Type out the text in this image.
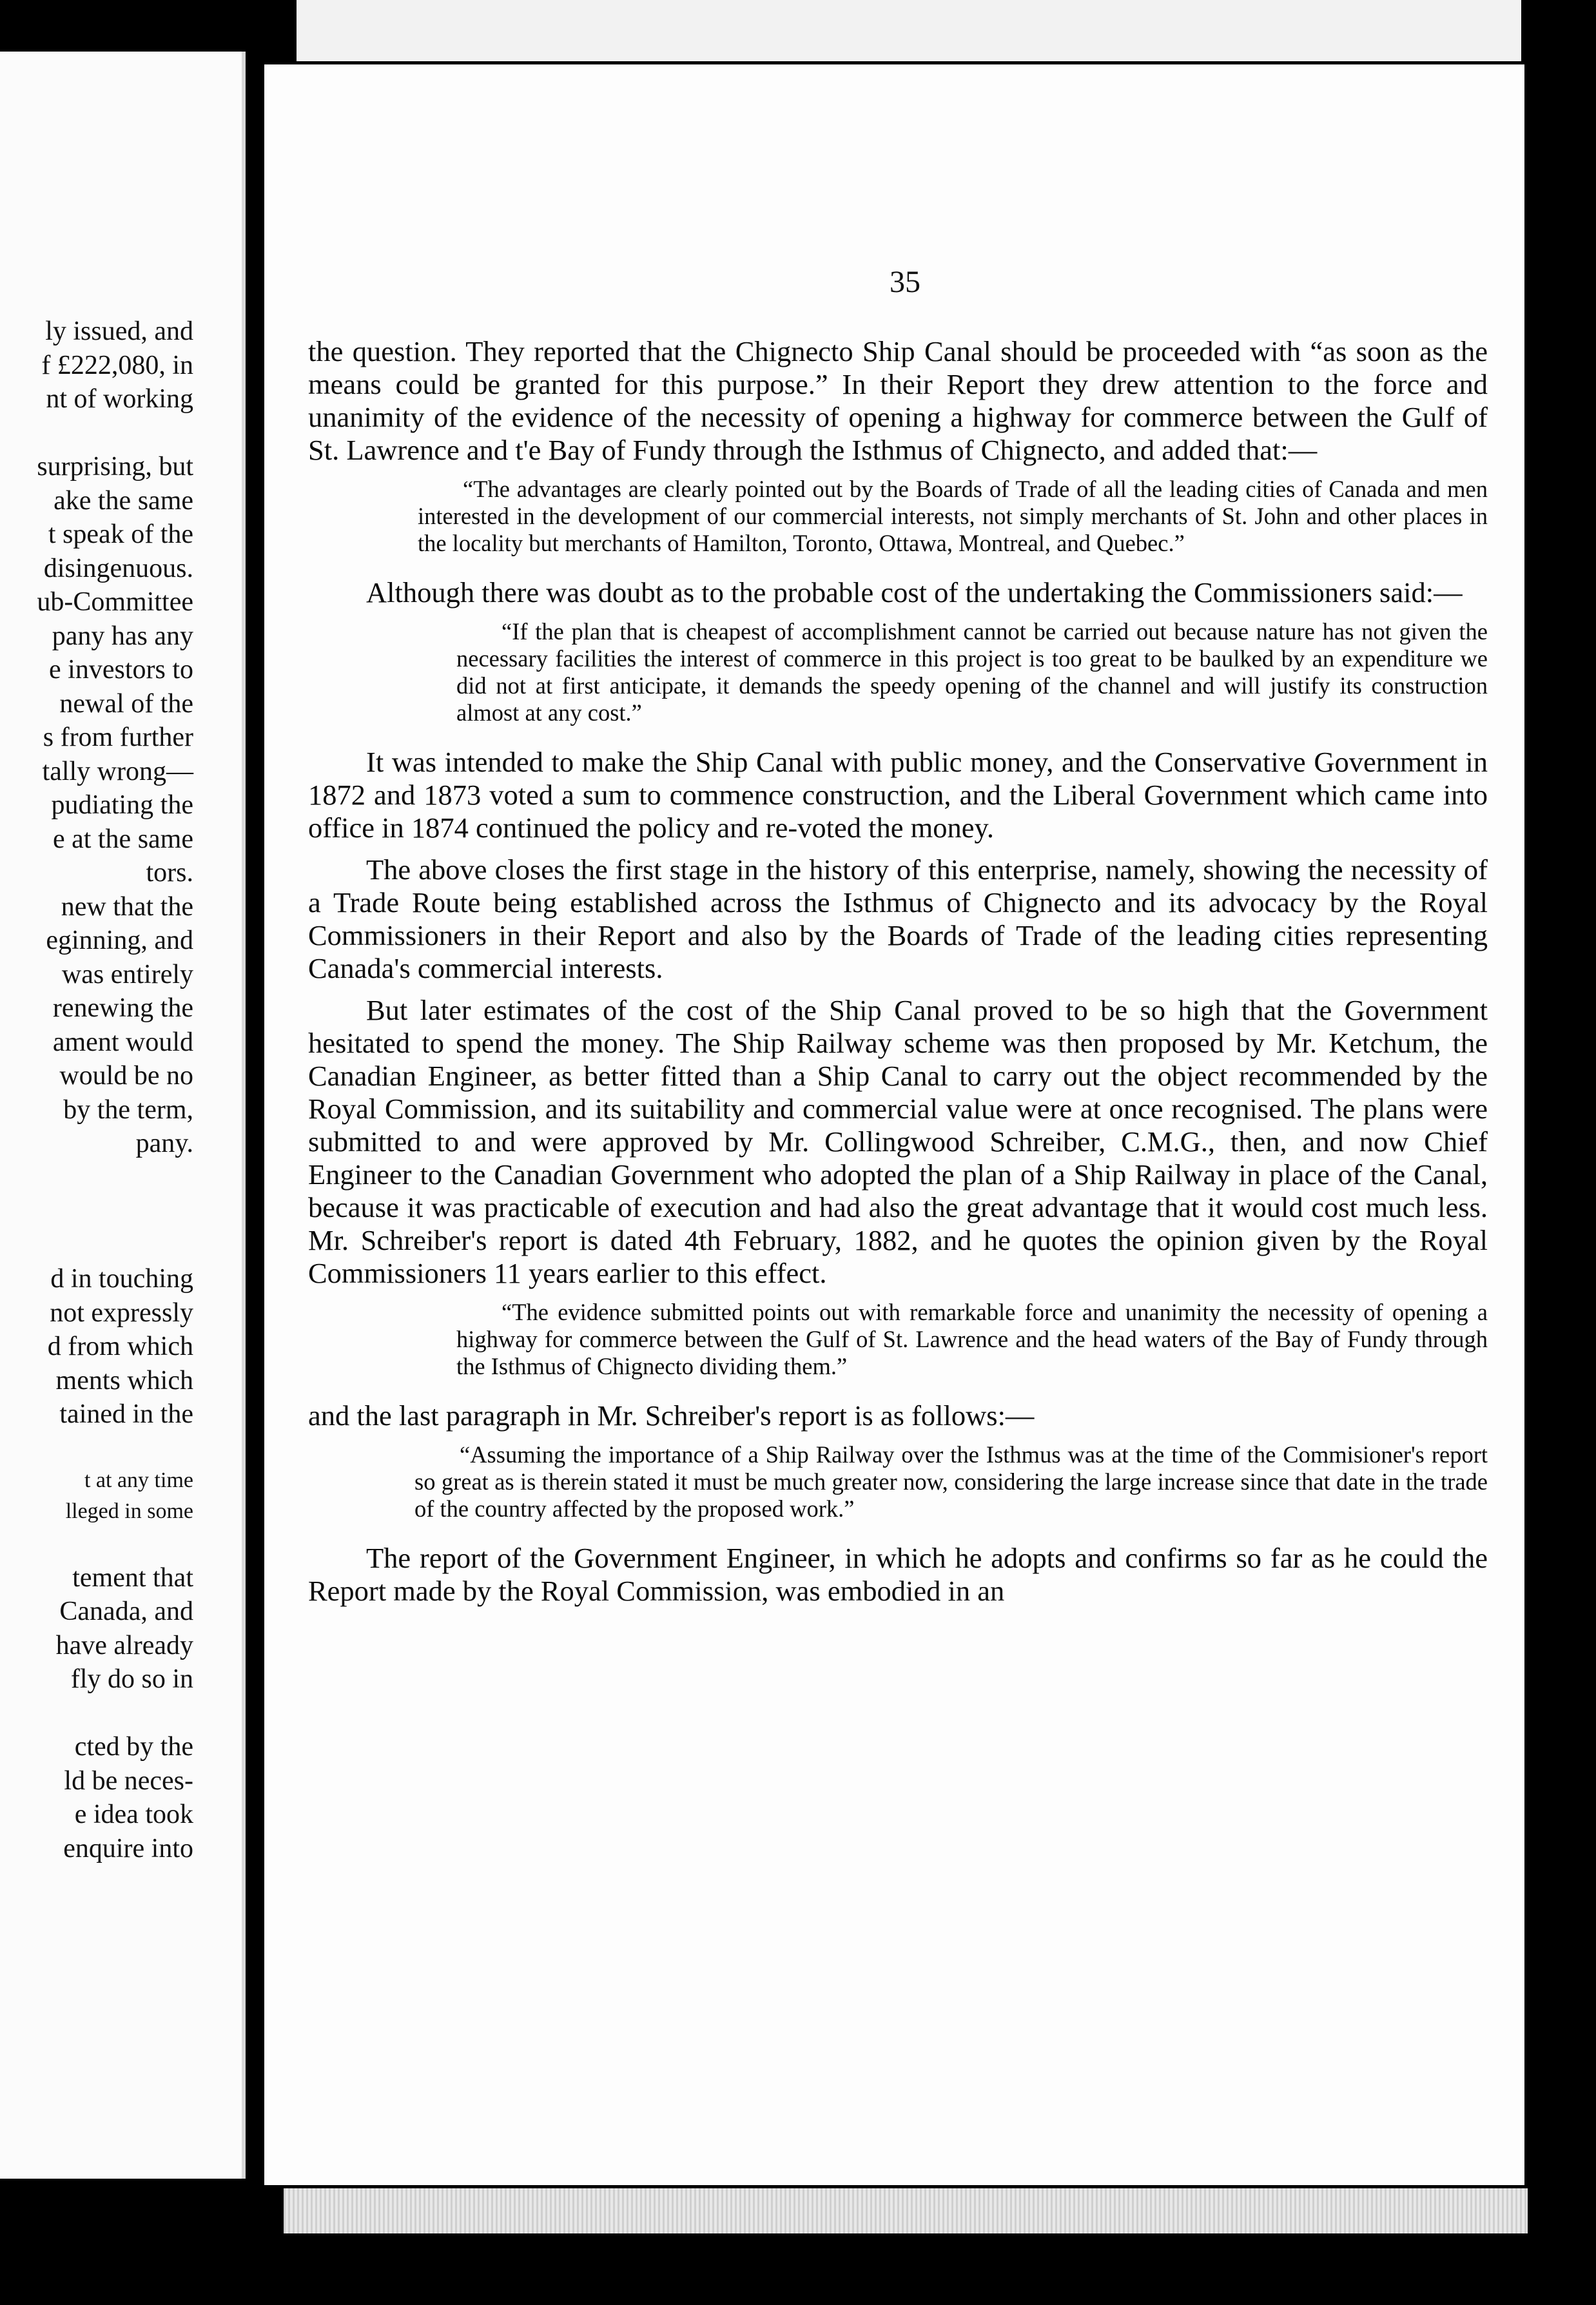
ly issued, and
f £222,080, in
nt of working
surprising, but
ake the same
t speak of the
disingenuous.
ub-Committee
pany has any
e investors to
newal of the
s from further
tally wrong—
pudiating the
e at the same
tors.
new that the
eginning, and
was entirely
renewing the
ament would
would be no
by the term,
pany.
d in touching
not expressly
d from which
ments which
tained in the
t at any time
lleged in some
tement that
Canada, and
have already
fly do so in
cted by the
ld be neces-
e idea took
enquire into

35

the question. They reported that the Chignecto Ship Canal should be proceeded with “as soon as the means could be granted for this purpose.” In their Report they drew attention to the force and unanimity of the evidence of the necessity of opening a highway for commerce between the Gulf of St. Lawrence and t'e Bay of Fundy through the Isthmus of Chignecto, and added that:—

“The advantages are clearly pointed out by the Boards of Trade of all the leading cities of Canada and men interested in the development of our commercial interests, not simply merchants of St. John and other places in the locality but merchants of Hamilton, Toronto, Ottawa, Montreal, and Quebec.”

Although there was doubt as to the probable cost of the undertaking the Commissioners said:—

“If the plan that is cheapest of accomplishment cannot be carried out because nature has not given the necessary facilities the interest of commerce in this project is too great to be baulked by an expenditure we did not at first anticipate, it demands the speedy opening of the channel and will justify its construction almost at any cost.”

It was intended to make the Ship Canal with public money, and the Conservative Government in 1872 and 1873 voted a sum to commence construction, and the Liberal Government which came into office in 1874 continued the policy and re-voted the money.

The above closes the first stage in the history of this enterprise, namely, showing the necessity of a Trade Route being established across the Isthmus of Chignecto and its advocacy by the Royal Commissioners in their Report and also by the Boards of Trade of the leading cities representing Canada's commercial interests.

But later estimates of the cost of the Ship Canal proved to be so high that the Government hesitated to spend the money. The Ship Railway scheme was then proposed by Mr. Ketchum, the Canadian Engineer, as better fitted than a Ship Canal to carry out the object recommended by the Royal Commission, and its suitability and commercial value were at once recognised. The plans were submitted to and were approved by Mr. Collingwood Schreiber, C.M.G., then, and now Chief Engineer to the Canadian Government who adopted the plan of a Ship Railway in place of the Canal, because it was practicable of execution and had also the great advantage that it would cost much less. Mr. Schreiber's report is dated 4th February, 1882, and he quotes the opinion given by the Royal Commissioners 11 years earlier to this effect.

“The evidence submitted points out with remarkable force and unanimity the necessity of opening a highway for commerce between the Gulf of St. Lawrence and the head waters of the Bay of Fundy through the Isthmus of Chignecto dividing them.”

and the last paragraph in Mr. Schreiber's report is as follows:—

“Assuming the importance of a Ship Railway over the Isthmus was at the time of the Commisioner's report so great as is therein stated it must be much greater now, considering the large increase since that date in the trade of the country affected by the proposed work.”

The report of the Government Engineer, in which he adopts and confirms so far as he could the Report made by the Royal Commission, was embodied in an
